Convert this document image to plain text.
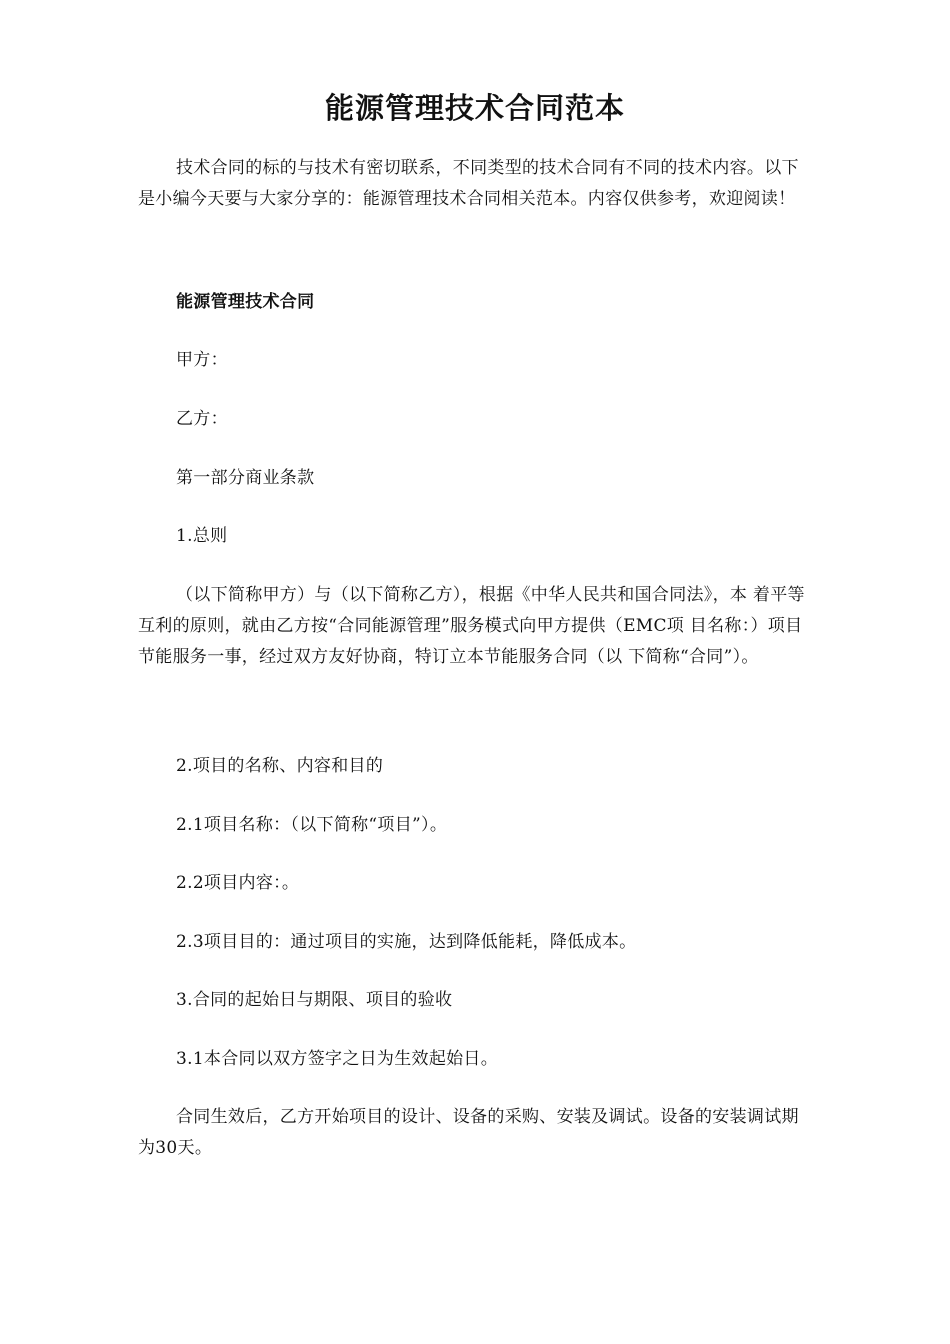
能源管理技术合同范本

技术合同的标的与技术有密切联系，不同类型的技术合同有不同的技术内容。以下是小编今天要与大家分享的：能源管理技术合同相关范本。内容仅供参考，欢迎阅读！

能源管理技术合同

甲方：

乙方：

第一部分商业条款

1.总则

（以下简称甲方）与（以下简称乙方），根据《中华人民共和国合同法》，本 着平等互利的原则，就由乙方按“合同能源管理”服务模式向甲方提供（EMC项 目名称：）项目节能服务一事，经过双方友好协商，特订立本节能服务合同（以 下简称“合同”）。

2.项目的名称、内容和目的

2.1项目名称：（以下简称“项目”）。

2.2项目内容：。

2.3项目目的：通过项目的实施，达到降低能耗，降低成本。

3.合同的起始日与期限、项目的验收

3.1本合同以双方签字之日为生效起始日。

合同生效后，乙方开始项目的设计、设备的采购、安装及调试。设备的安装调试期为30天。
